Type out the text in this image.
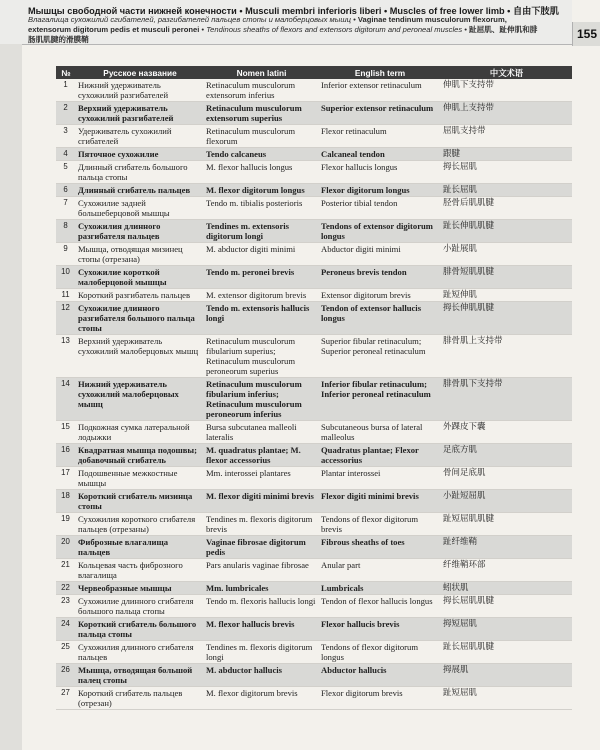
Мышцы свободной части нижней конечности • Musculi membri inferioris liberi • Muscles of free lower limb • 自由下肢肌
Влагалища сухожилий сгибателей, разгибателей пальцев стопы и малоберцовых мышц • Vaginae tendinum musculorum flexorum, extensorum digitorum pedis et musculi peronei • Tendinous sheaths of flexors and extensors digitorum and peroneal muscles • 趾屈肌、趾伸肌和腓肠肌肌腱的滑膜鞘	155
№	Русское название	Nomen latini	English term	中文术语
1	Нижний удерживатель сухожилий разгибателей	Retinaculum musculorum extensorum inferius	Inferior extensor retinaculum	伸肌下支持带
2	Верхний удерживатель сухожилий разгибателей	Retinaculum musculorum extensorum superius	Superior extensor retinaculum	伸肌上支持带
3	Удерживатель сухожилий сгибателей	Retinaculum musculorum flexorum	Flexor retinaculum	屈肌支持带
4	Пяточное сухожилие	Tendo calcaneus	Calcaneal tendon	跟腱
5	Длинный сгибатель большого пальца стопы	M. flexor hallucis longus	Flexor hallucis longus	拇长屈肌
6	Длинный сгибатель пальцев	M. flexor digitorum longus	Flexor digitorum longus	趾长屈肌
7	Сухожилие задней большеберцовой мышцы	Tendo m. tibialis posterioris	Posterior tibial tendon	胫骨后肌肌腱
8	Сухожилия длинного разгибателя пальцев	Tendines m. extensoris digitorum longi	Tendons of extensor digitorum longus	趾长伸肌肌腱
9	Мышца, отводящая мизинец стопы (отрезана)	M. abductor digiti minimi	Abductor digiti minimi	小趾展肌
10	Сухожилие короткой малоберцовой мышцы	Tendo m. peronei brevis	Peroneus brevis tendon	腓骨短肌肌腱
11	Короткий разгибатель пальцев	M. extensor digitorum brevis	Extensor digitorum brevis	趾短伸肌
12	Сухожилие длинного разгибателя большого пальца стопы	Tendo m. extensoris hallucis longi	Tendon of extensor hallucis longus	拇长伸肌肌腱
13	Верхний удерживатель сухожилий малоберцовых мышц	Retinaculum musculorum fibularium superius; Retinaculum musculorum peroneorum superius	Superior fibular retinaculum; Superior peroneal retinaculum	腓骨肌上支持带
14	Нижний удерживатель сухожилий малоберцовых мышц	Retinaculum musculorum fibularium inferius; Retinaculum musculorum peroneorum inferius	Inferior fibular retinaculum; Inferior peroneal retinaculum	腓骨肌下支持带
15	Подкожная сумка латеральной лодыжки	Bursa subcutanea malleoli lateralis	Subcutaneous bursa of lateral malleolus	外踝皮下囊
16	Квадратная мышца подошвы; добавочный сгибатель	M. quadratus plantae; M. flexor accessorius	Quadratus plantae; Flexor accessorius	足底方肌
17	Подошвенные межкостные мышцы	Mm. interossei plantares	Plantar interossei	骨间足底肌
18	Короткий сгибатель мизинца стопы	M. flexor digiti minimi brevis	Flexor digiti minimi brevis	小趾短屈肌
19	Сухожилия короткого сгибателя пальцев (отрезаны)	Tendines m. flexoris digitorum brevis	Tendons of flexor digitorum brevis	趾短屈肌肌腱
20	Фиброзные влагалища пальцев	Vaginae fibrosae digitorum pedis	Fibrous sheaths of toes	趾纤维鞘
21	Кольцевая часть фиброзного влагалища	Pars anularis vaginae fibrosae	Anular part	纤维鞘环部
22	Червеобразные мышцы	Mm. lumbricales	Lumbricals	蚓状肌
23	Сухожилие длинного сгибателя большого пальца стопы	Tendo m. flexoris hallucis longi	Tendon of flexor hallucis longus	拇长屈肌肌腱
24	Короткий сгибатель большого пальца стопы	M. flexor hallucis brevis	Flexor hallucis brevis	拇短屈肌
25	Сухожилия длинного сгибателя пальцев	Tendines m. flexoris digitorum longi	Tendons of flexor digitorum longus	趾长屈肌肌腱
26	Мышца, отводящая большой палец стопы	M. abductor hallucis	Abductor hallucis	拇展肌
27	Короткий сгибатель пальцев (отрезан)	M. flexor digitorum brevis	Flexor digitorum brevis	趾短屈肌
